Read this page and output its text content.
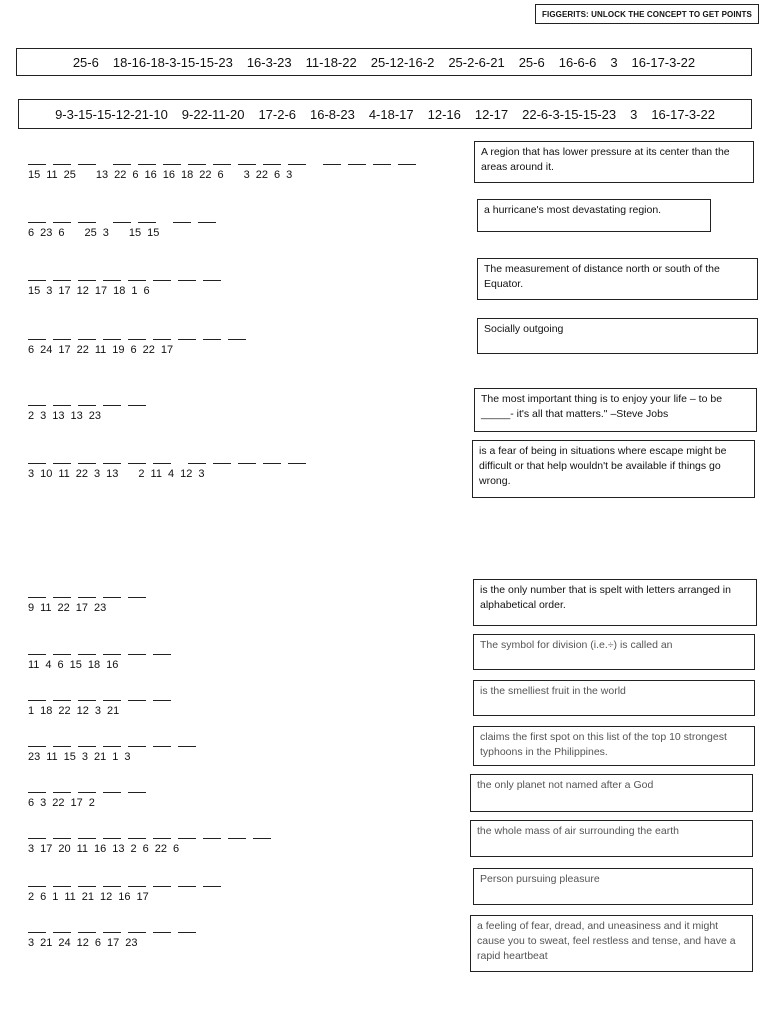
FIGGERITS: UNLOCK THE CONCEPT TO GET POINTS
25-6 18-16-18-3-15-15-23 16-3-23 11-18-22 25-12-16-2 25-2-6-21 25-6 16-6-6 3 16-17-3-22
9-3-15-15-12-21-10 9-22-11-20 17-2-6 16-8-23 4-18-17 12-16 12-17 22-6-3-15-15-23 3 16-17-3-22
15 11 25 13 22 6 16 16 18 22 6 3 22 6 3
6 23 6 25 3 15 15
15 3 17 12 17 18 1 6
6 24 17 22 11 19 6 22 17
2 3 13 13 23
3 10 11 22 3 13 2 11 4 12 3
9 11 22 17 23
11 4 6 15 18 16
1 18 22 12 3 21
23 11 15 3 21 1 3
6 3 22 17 2
3 17 20 11 16 13 2 6 22 6
2 6 1 11 21 12 16 17
3 21 24 12 6 17 23
A region that has lower pressure at its center than the areas around it.
a hurricane's most devastating region.
The measurement of distance north or south of the Equator.
Socially outgoing
The most important thing is to enjoy your life – to be _____- it's all that matters." –Steve Jobs
is a fear of being in situations where escape might be difficult or that help wouldn't be available if things go wrong.
is the only number that is spelt with letters arranged in alphabetical order.
The symbol for division (i.e.÷) is called an
is the smelliest fruit in the world
claims the first spot on this list of the top 10 strongest typhoons in the Philippines.
the only planet not named after a God
the whole mass of air surrounding the earth
Person pursuing pleasure
a feeling of fear, dread, and uneasiness and it might cause you to sweat, feel restless and tense, and have a rapid heartbeat
